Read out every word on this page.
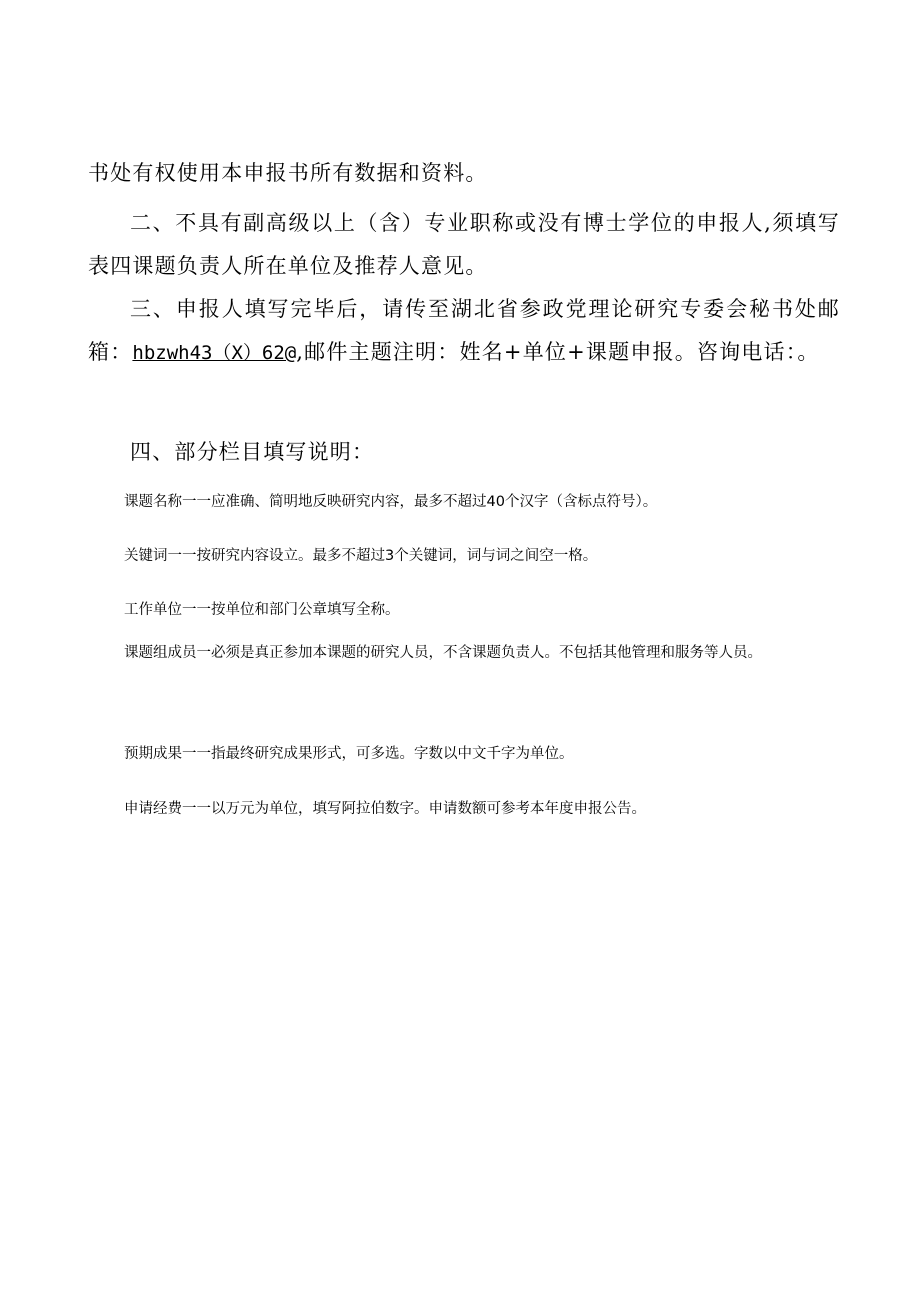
书处有权使用本申报书所有数据和资料。

二、不具有副高级以上（含）专业职称或没有博士学位的申报人,须填写表四课题负责人所在单位及推荐人意见。

三、申报人填写完毕后，请传至湖北省参政党理论研究专委会秘书处邮箱：hbzwh43（X）62@,邮件主题注明：姓名+单位+课题申报。咨询电话：。

四、部分栏目填写说明：

课题名称一一应准确、简明地反映研究内容，最多不超过40个汉字（含标点符号）。

关键词一一按研究内容设立。最多不超过3个关键词，词与词之间空一格。

工作单位一一按单位和部门公章填写全称。

课题组成员一必须是真正参加本课题的研究人员，不含课题负责人。不包括其他管理和服务等人员。

预期成果一一指最终研究成果形式，可多选。字数以中文千字为单位。

申请经费一一以万元为单位，填写阿拉伯数字。申请数额可参考本年度申报公告。
